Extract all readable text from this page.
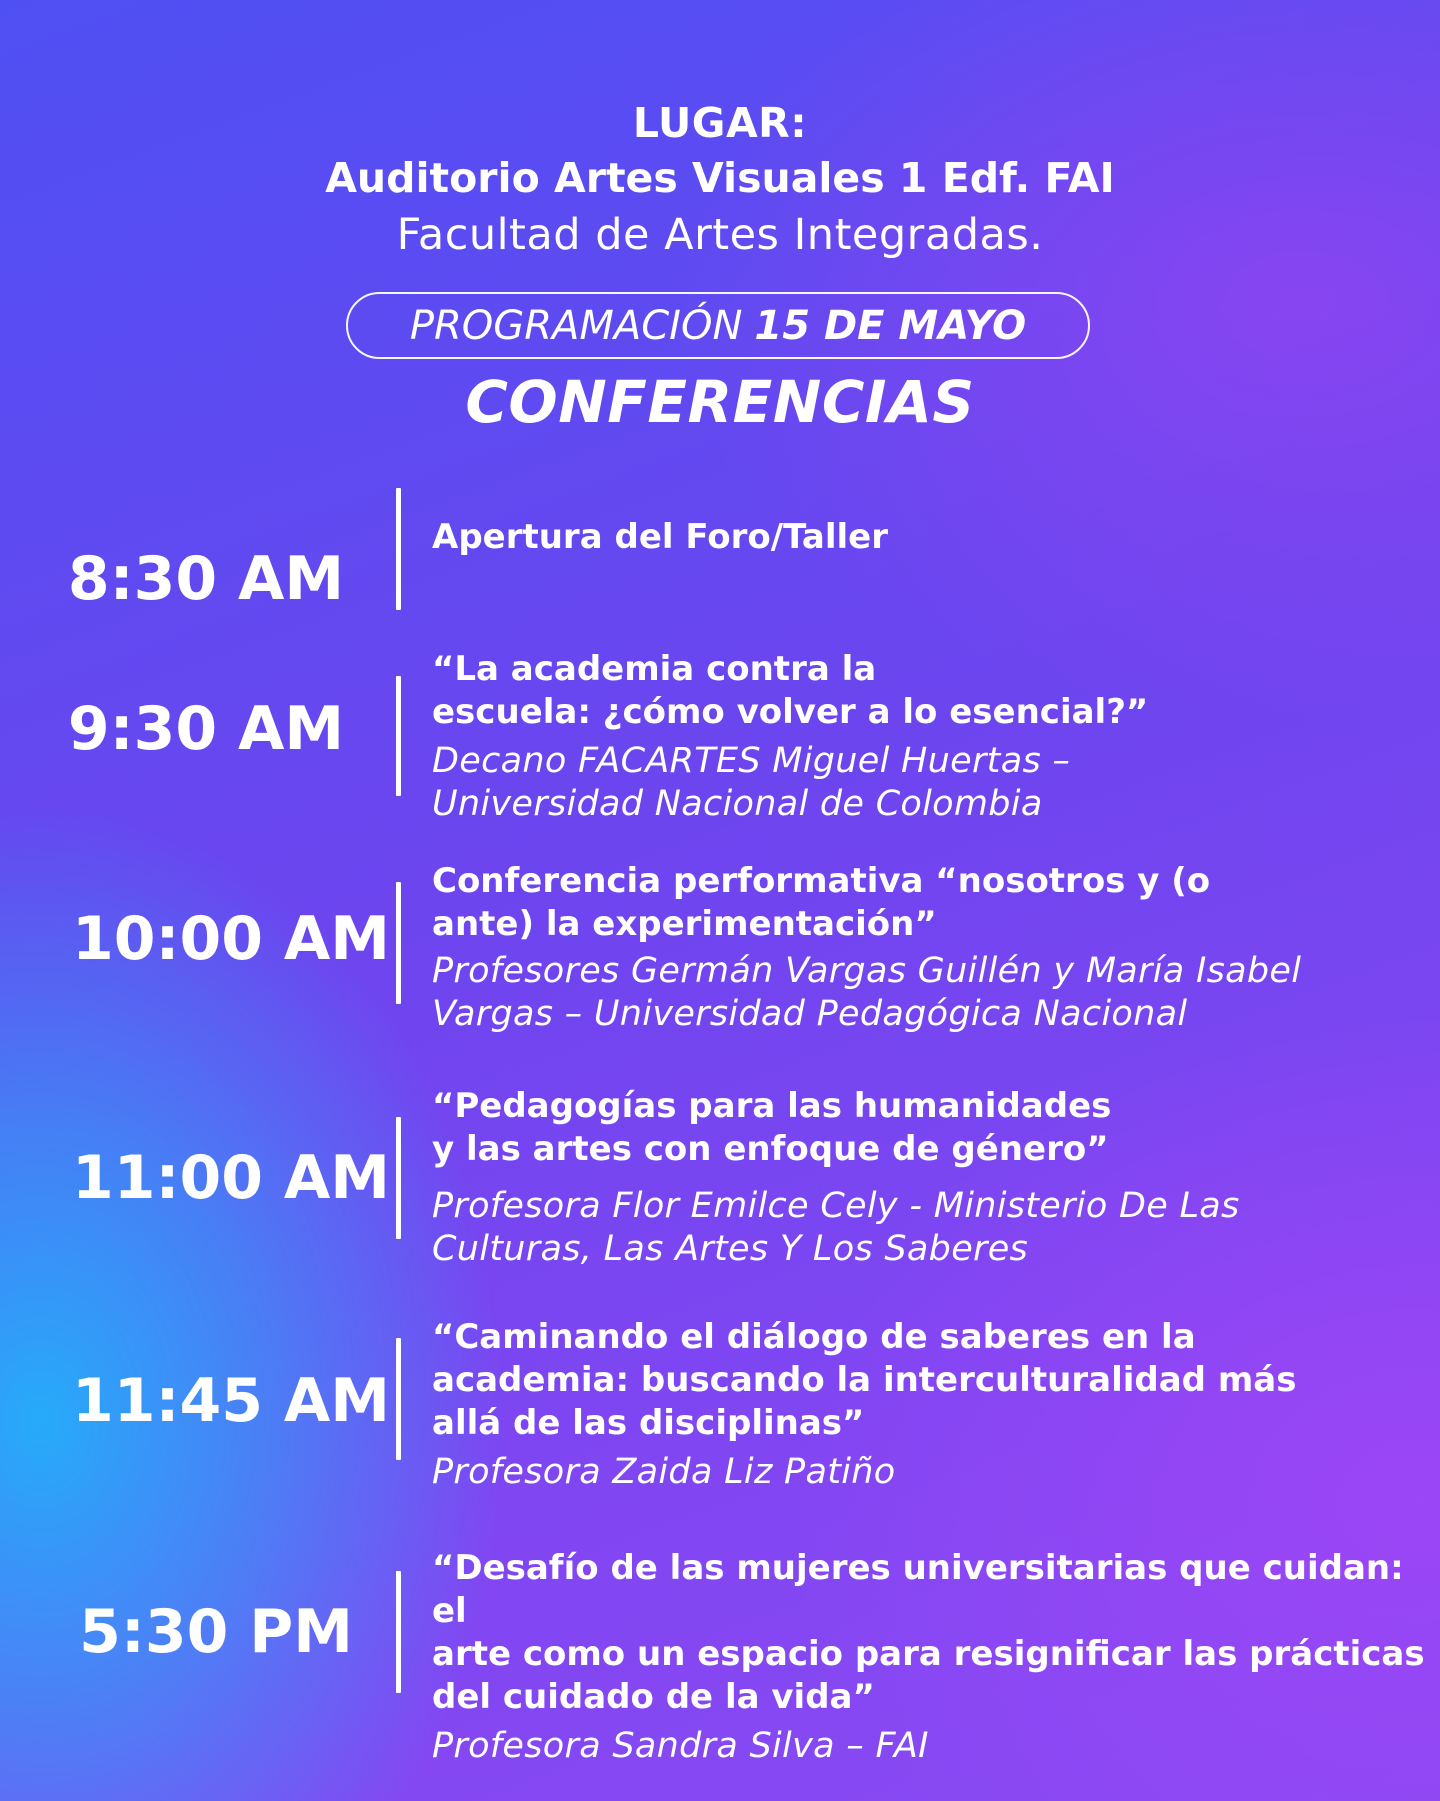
LUGAR:
Auditorio Artes Visuales 1 Edf. FAI
Facultad de Artes Integradas.
PROGRAMACIÓN 15 DE MAYO
CONFERENCIAS
8:30 AM
Apertura del Foro/Taller
9:30 AM
“La academia contra la
escuela: ¿cómo volver a lo esencial?”
Decano FACARTES Miguel Huertas –
Universidad Nacional de Colombia
10:00 AM
Conferencia performativa “nosotros y (o
ante) la experimentación”
Profesores Germán Vargas Guillén y María Isabel
Vargas – Universidad Pedagógica Nacional
11:00 AM
“Pedagogías para las humanidades
y las artes con enfoque de género”
Profesora Flor Emilce Cely - Ministerio De Las
Culturas, Las Artes Y Los Saberes
11:45 AM
“Caminando el diálogo de saberes en la
academia: buscando la interculturalidad más
allá de las disciplinas”
Profesora Zaida Liz Patiño
5:30 PM
“Desafío de las mujeres universitarias que cuidan: el
arte como un espacio para resignificar las prácticas
del cuidado de la vida”
Profesora Sandra Silva – FAI
